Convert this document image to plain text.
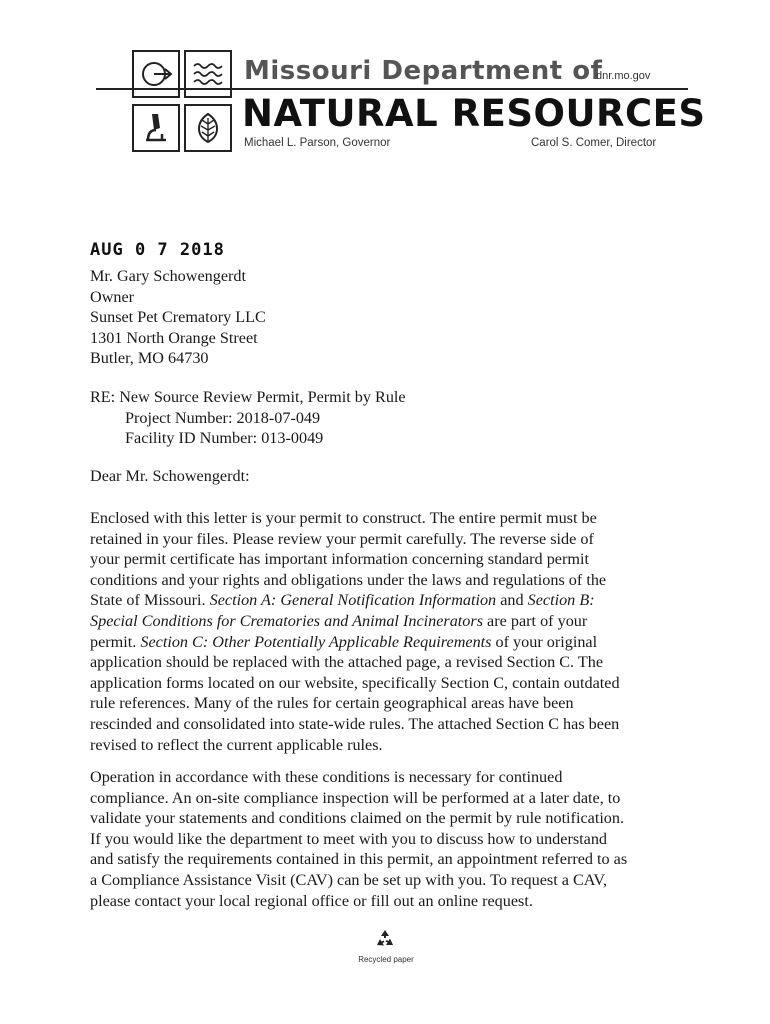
Missouri Department of
dnr.mo.gov
NATURAL RESOURCES
Michael L. Parson, Governor	Carol S. Comer, Director
AUG 0 7 2018
Mr. Gary Schowengerdt
Owner
Sunset Pet Crematory LLC
1301 North Orange Street
Butler, MO 64730
RE: New Source Review Permit, Permit by Rule
Project Number: 2018-07-049
Facility ID Number: 013-0049
Dear Mr. Schowengerdt:
Enclosed with this letter is your permit to construct. The entire permit must be
retained in your files. Please review your permit carefully. The reverse side of
your permit certificate has important information concerning standard permit
conditions and your rights and obligations under the laws and regulations of the
State of Missouri. Section A: General Notification Information and Section B:
Special Conditions for Crematories and Animal Incinerators are part of your
permit. Section C: Other Potentially Applicable Requirements of your original
application should be replaced with the attached page, a revised Section C. The
application forms located on our website, specifically Section C, contain outdated
rule references. Many of the rules for certain geographical areas have been
rescinded and consolidated into state-wide rules. The attached Section C has been
revised to reflect the current applicable rules.
Operation in accordance with these conditions is necessary for continued
compliance. An on-site compliance inspection will be performed at a later date, to
validate your statements and conditions claimed on the permit by rule notification.
If you would like the department to meet with you to discuss how to understand
and satisfy the requirements contained in this permit, an appointment referred to as
a Compliance Assistance Visit (CAV) can be set up with you. To request a CAV,
please contact your local regional office or fill out an online request.
Recycled paper
